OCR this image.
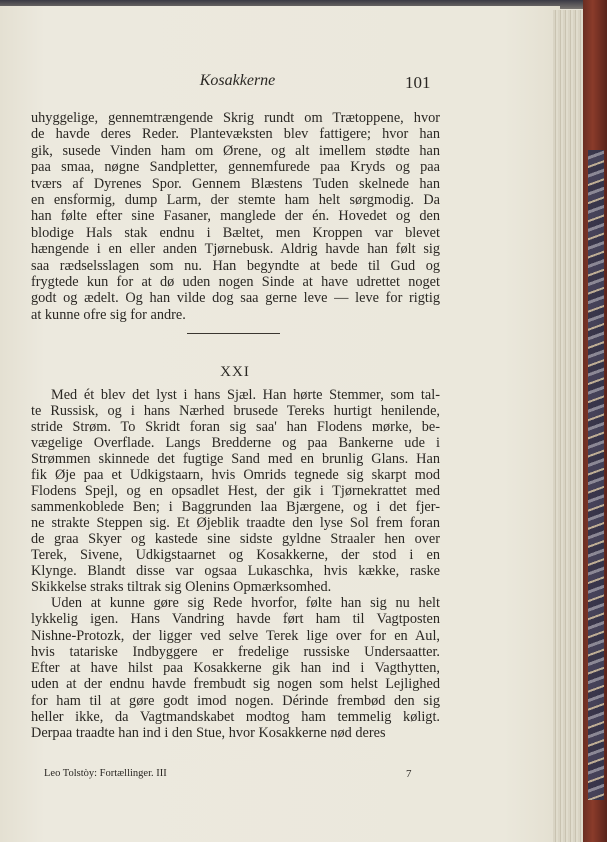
Kosakkerne	101
uhyggelige, gennemtrængende Skrig rundt om Trætoppene, hvor
de havde deres Reder. Plantevæksten blev fattigere; hvor han
gik, susede Vinden ham om Ørene, og alt imellem stødte han
paa smaa, nøgne Sandpletter, gennemfurede paa Kryds og paa
tværs af Dyrenes Spor. Gennem Blæstens Tuden skelnede han
en ensformig, dump Larm, der stemte ham helt sørgmodig. Da
han følte efter sine Fasaner, manglede der én. Hovedet og den
blodige Hals stak endnu i Bæltet, men Kroppen var blevet
hængende i en eller anden Tjørnebusk. Aldrig havde han følt sig
saa rædselsslagen som nu. Han begyndte at bede til Gud og
frygtede kun for at dø uden nogen Sinde at have udrettet noget
godt og ædelt. Og han vilde dog saa gerne leve — leve for rigtig
at kunne ofre sig for andre.
XXI
Med ét blev det lyst i hans Sjæl. Han hørte Stemmer, som tal-
te Russisk, og i hans Nærhed brusede Tereks hurtigt henilende,
stride Strøm. To Skridt foran sig saa' han Flodens mørke, be-
vægelige Overflade. Langs Bredderne og paa Bankerne ude i
Strømmen skinnede det fugtige Sand med en brunlig Glans. Han
fik Øje paa et Udkigstaarn, hvis Omrids tegnede sig skarpt mod
Flodens Spejl, og en opsadlet Hest, der gik i Tjørnekrattet med
sammenkoblede Ben; i Baggrunden laa Bjærgene, og i det fjer-
ne strakte Steppen sig. Et Øjeblik traadte den lyse Sol frem foran
de graa Skyer og kastede sine sidste gyldne Straaler hen over
Terek, Sivene, Udkigstaarnet og Kosakkerne, der stod i en
Klynge. Blandt disse var ogsaa Lukaschka, hvis kække, raske
Skikkelse straks tiltrak sig Olenins Opmærksomhed.
Uden at kunne gøre sig Rede hvorfor, følte han sig nu helt
lykkelig igen. Hans Vandring havde ført ham til Vagtposten
Nishne-Protozk, der ligger ved selve Terek lige over for en Aul,
hvis tatariske Indbyggere er fredelige russiske Undersaatter.
Efter at have hilst paa Kosakkerne gik han ind i Vagthytten,
uden at der endnu havde frembudt sig nogen som helst Lejlighed
for ham til at gøre godt imod nogen. Dérinde frembød den sig
heller ikke, da Vagtmandskabet modtog ham temmelig køligt.
Derpaa traadte han ind i den Stue, hvor Kosakkerne nød deres
Leo Tolstòy: Fortællinger. III	7
